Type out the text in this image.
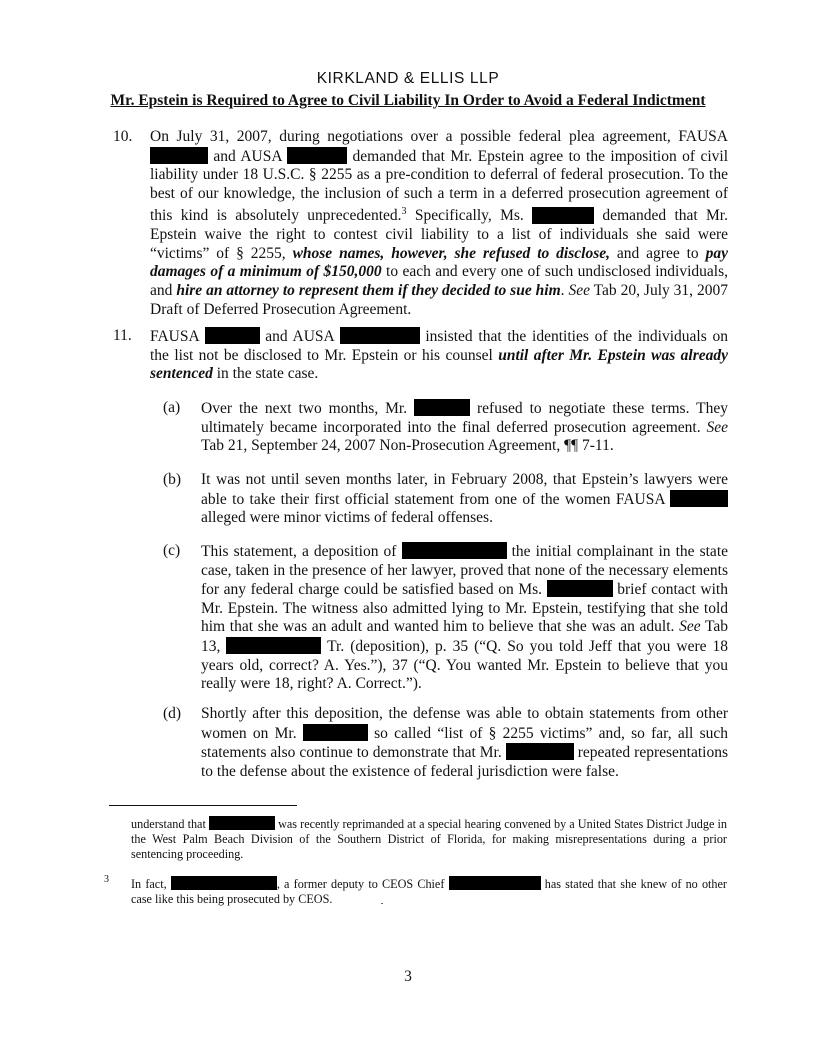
KIRKLAND & ELLIS LLP
Mr. Epstein is Required to Agree to Civil Liability In Order to Avoid a Federal Indictment
10. On July 31, 2007, during negotiations over a possible federal plea agreement, FAUSA  and AUSA	demanded that Mr. Epstein agree to the imposition of civil liability under 18 U.S.C. § 2255 as a pre-condition to deferral of federal prosecution. To the best of our knowledge, the inclusion of such a term in a deferred prosecution agreement of this kind is absolutely unprecedented.$^3$ Specifically, Ms.	demanded that Mr. Epstein waive the right to contest civil liability to a list of individuals she said were “victims” of § 2255, whose names, however, she refused to disclose, and agree to pay damages of a minimum of $150,000 to each and every one of such undisclosed individuals, and hire an attorney to represent them if they decided to sue him. See Tab 20, July 31, 2007 Draft of Deferred Prosecution Agreement.
11. FAUSA	and AUSA	insisted that the identities of the individuals on the list not be disclosed to Mr. Epstein or his counsel until after Mr. Epstein was already sentenced in the state case.
(a) Over the next two months, Mr.	refused to negotiate these terms. They ultimately became incorporated into the final deferred prosecution agreement. See Tab 21, September 24, 2007 Non-Prosecution Agreement, ¶¶ 7-11.
(b) It was not until seven months later, in February 2008, that Epstein’s lawyers were able to take their first official statement from one of the women FAUSA  alleged were minor victims of federal offenses.
(c) This statement, a deposition of	the initial complainant in the state case, taken in the presence of her lawyer, proved that none of the necessary elements for any federal charge could be satisfied based on Ms.	brief contact with Mr. Epstein. The witness also admitted lying to Mr. Epstein, testifying that she told him that she was an adult and wanted him to believe that she was an adult. See Tab 13,	Tr. (deposition), p. 35 (“Q. So you told Jeff that you were 18 years old, correct? A. Yes.”), 37 (“Q. You wanted Mr. Epstein to believe that you really were 18, right? A. Correct.”).
(d) Shortly after this deposition, the defense was able to obtain statements from other women on Mr.	so called “list of § 2255 victims” and, so far, all such statements also continue to demonstrate that Mr.	repeated representations to the defense about the existence of federal jurisdiction were false.
understand that	was recently reprimanded at a special hearing convened by a United States District Judge in the West Palm Beach Division of the Southern District of Florida, for making misrepresentations during a prior sentencing proceeding.
3 In fact,	, a former deputy to CEOS Chief	has stated that she knew of no other case like this being prosecuted by CEOS.
3
